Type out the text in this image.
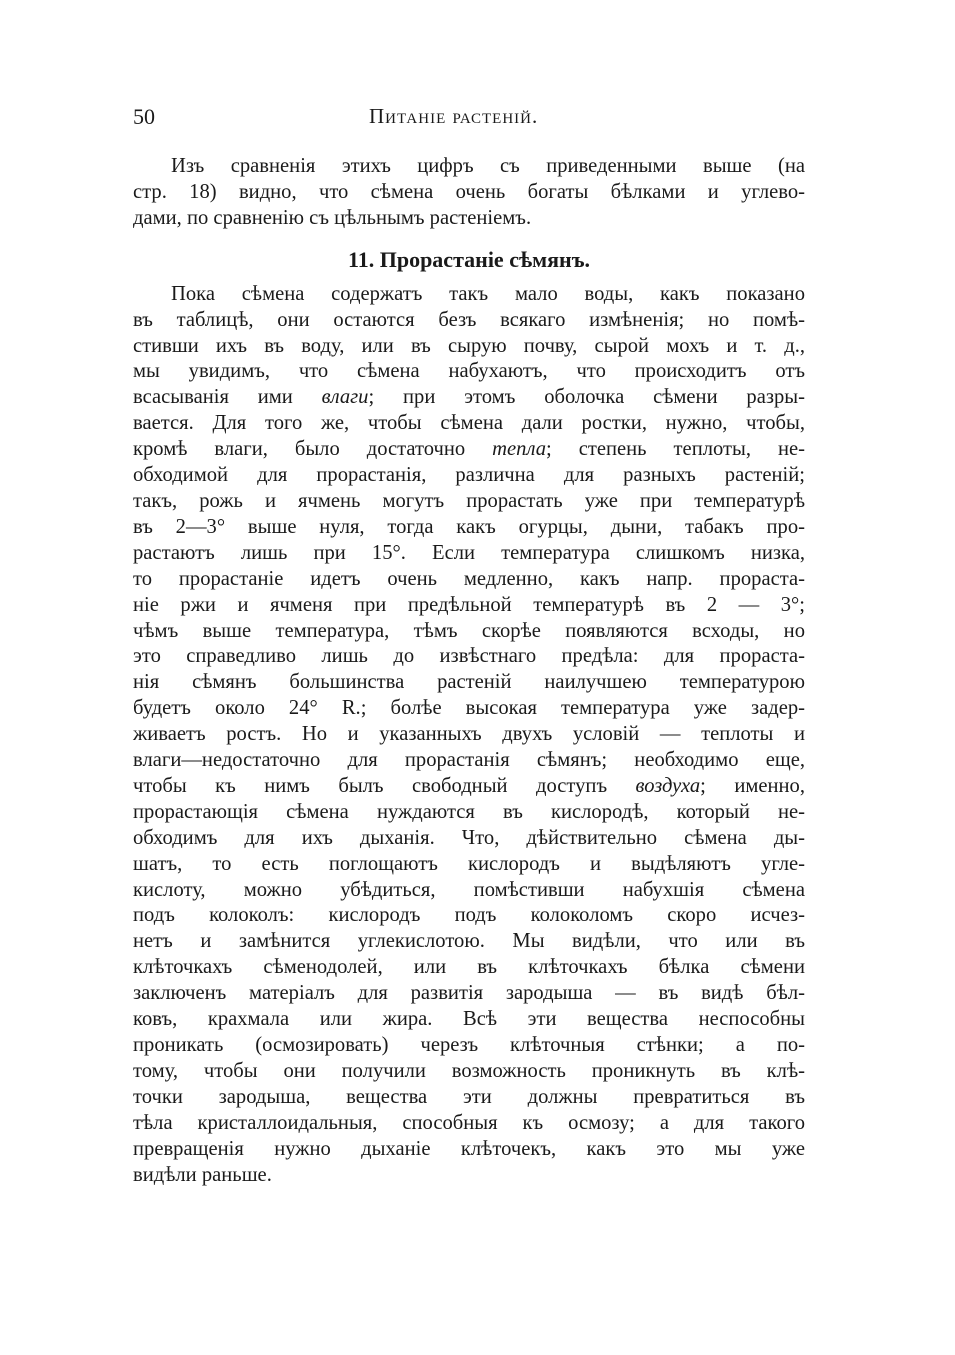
50	Питаніе растеній.

Изъ сравненія этихъ цифръ съ приведенными выше (на
стр. 18) видно, что сѣмена очень богаты бѣлками и углево-
дами, по сравненію съ цѣльнымъ растеніемъ.

11. Прорастаніе сѣмянъ.

Пока сѣмена содержатъ такъ мало воды, какъ показано
въ таблицѣ, они остаются безъ всякаго измѣненія; но помѣ-
стивши ихъ въ воду, или въ сырую почву, сырой мохъ и т. д.,
мы увидимъ, что сѣмена набухаютъ, что происходитъ отъ
всасыванія ими влаги; при этомъ оболочка сѣмени разры-
вается. Для того же, чтобы сѣмена дали ростки, нужно, чтобы,
кромѣ влаги, было достаточно тепла; степень теплоты, не-
обходимой для прорастанія, различна для разныхъ растеній;
такъ, рожь и ячмень могутъ прорастать уже при температурѣ
въ 2—3° выше нуля, тогда какъ огурцы, дыни, табакъ про-
растаютъ лишь при 15°. Если температура слишкомъ низка,
то прорастаніе идетъ очень медленно, какъ напр. прораста-
ніе ржи и ячменя при предѣльной температурѣ въ 2 — 3°;
чѣмъ выше температура, тѣмъ скорѣе появляются всходы, но
это справедливо лишь до извѣстнаго предѣла: для прораста-
нія сѣмянъ большинства растеній наилучшею температурою
будетъ около 24° R.; болѣе высокая температура уже задер-
живаетъ ростъ. Но и указанныхъ двухъ условій — теплоты и
влаги—недостаточно для прорастанія сѣмянъ; необходимо еще,
чтобы къ нимъ былъ свободный доступъ воздуха; именно,
прорастающія сѣмена нуждаются въ кислородѣ, который не-
обходимъ для ихъ дыханія. Что, дѣйствительно сѣмена ды-
шатъ, то есть поглощаютъ кислородъ и выдѣляютъ угле-
кислоту, можно убѣдиться, помѣстивши набухшія сѣмена
подъ колоколъ: кислородъ подъ колоколомъ скоро исчез-
нетъ и замѣнится углекислотою. Мы видѣли, что или въ
клѣточкахъ сѣменодолей, или въ клѣточкахъ бѣлка сѣмени
заключенъ матеріалъ для развитія зародыша — въ видѣ бѣл-
ковъ, крахмала или жира. Всѣ эти вещества неспособны
проникать (осмозировать) черезъ клѣточныя стѣнки; а по-
тому, чтобы они получили возможность проникнуть въ клѣ-
точки зародыша, вещества эти должны превратиться въ
тѣла кристаллоидальныя, способныя къ осмозу; а для такого
превращенія нужно дыханіе клѣточекъ, какъ это мы уже
видѣли раньше.
